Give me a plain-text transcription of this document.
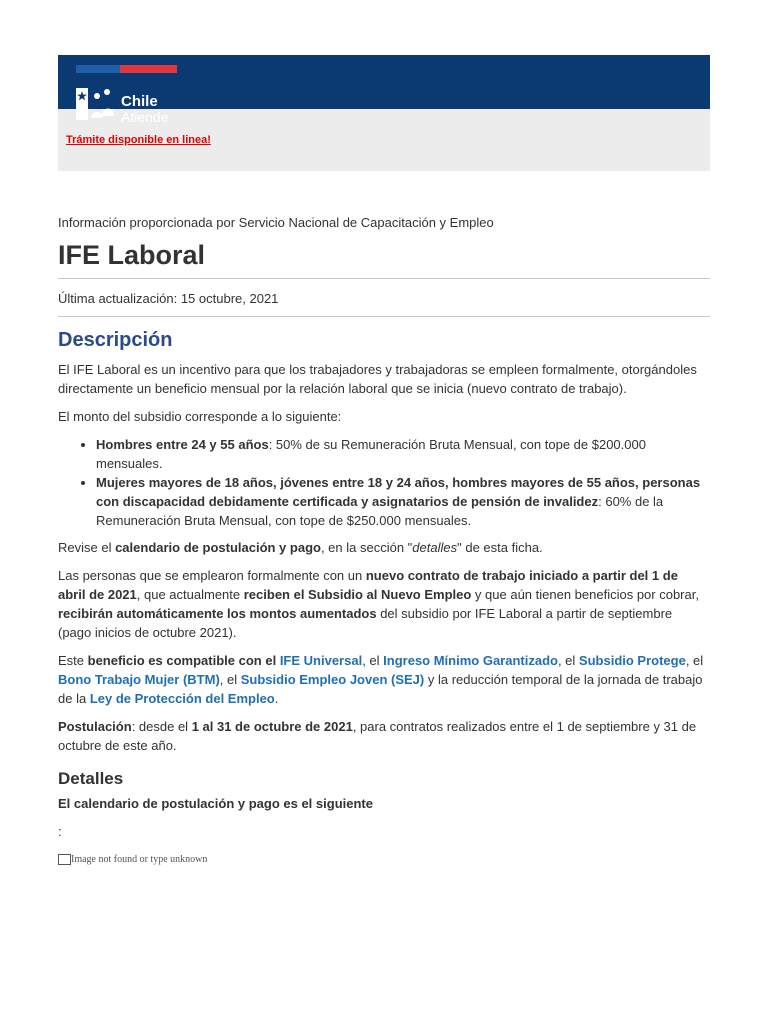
Chile
Atiende
Trámite disponible en linea!
Información proporcionada por Servicio Nacional de Capacitación y Empleo
IFE Laboral
Última actualización: 15 octubre, 2021
Descripción

El IFE Laboral es un incentivo para que los trabajadores y trabajadoras se empleen formalmente, otorgándoles directamente un beneficio mensual por la relación laboral que se inicia (nuevo contrato de trabajo).

El monto del subsidio corresponde a lo siguiente:

• Hombres entre 24 y 55 años: 50% de su Remuneración Bruta Mensual, con tope de $200.000 mensuales.
• Mujeres mayores de 18 años, jóvenes entre 18 y 24 años, hombres mayores de 55 años, personas con discapacidad debidamente certificada y asignatarios de pensión de invalidez: 60% de la Remuneración Bruta Mensual, con tope de $250.000 mensuales.

Revise el calendario de postulación y pago, en la sección "detalles" de esta ficha.

Las personas que se emplearon formalmente con un nuevo contrato de trabajo iniciado a partir del 1 de abril de 2021, que actualmente reciben el Subsidio al Nuevo Empleo y que aún tienen beneficios por cobrar, recibirán automáticamente los montos aumentados del subsidio por IFE Laboral a partir de septiembre (pago inicios de octubre 2021).

Este beneficio es compatible con el IFE Universal, el Ingreso Mínimo Garantizado, el Subsidio Protege, el Bono Trabajo Mujer (BTM), el Subsidio Empleo Joven (SEJ) y la reducción temporal de la jornada de trabajo de la Ley de Protección del Empleo.

Postulación: desde el 1 al 31 de octubre de 2021, para contratos realizados entre el 1 de septiembre y 31 de octubre de este año.

Detalles

El calendario de postulación y pago es el siguiente

:

Image not found or type unknown
